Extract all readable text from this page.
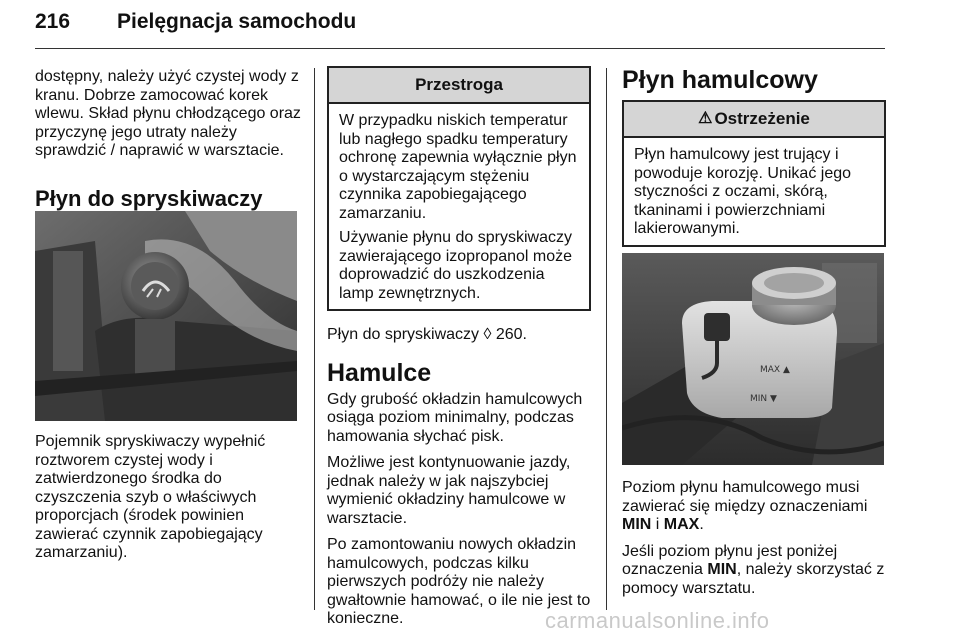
216 Pielęgnacja samochodu

dostępny, należy użyć czystej wody z kranu. Dobrze zamocować korek wlewu. Skład płynu chłodzącego oraz przyczynę jego utraty należy sprawdzić / naprawić w warsztacie.

Płyn do spryskiwaczy

Pojemnik spryskiwaczy wypełnić roztworem czystej wody i zatwierdzonego środka do czyszczenia szyb o właściwych proporcjach (środek powinien zawierać czynnik zapobiegający zamarzaniu).

Przestroga

W przypadku niskich temperatur lub nagłego spadku temperatury ochronę zapewnia wyłącznie płyn o wystarczającym stężeniu czynnika zapobiegającego zamarzaniu.

Używanie płynu do spryskiwaczy zawierającego izopropanol może doprowadzić do uszkodzenia lamp zewnętrznych.

Płyn do spryskiwaczy ◊ 260.

Hamulce

Gdy grubość okładzin hamulcowych osiąga poziom minimalny, podczas hamowania słychać pisk.

Możliwe jest kontynuowanie jazdy, jednak należy w jak najszybciej wymienić okładziny hamulcowe w warsztacie.

Po zamontowaniu nowych okładzin hamulcowych, podczas kilku pierwszych podróży nie należy gwałtownie hamować, o ile nie jest to konieczne.

Płyn hamulcowy
⚠ Ostrzeżenie

Płyn hamulcowy jest trujący i powoduje korozję. Unikać jego styczności z oczami, skórą, tkaninami i powierzchniami lakierowanymi.

MAX ▲
MIN ▼

Poziom płynu hamulcowego musi zawierać się między oznaczeniami MIN i MAX.

Jeśli poziom płynu jest poniżej oznaczenia MIN, należy skorzystać z pomocy warsztatu.

carmanualsonline.info
